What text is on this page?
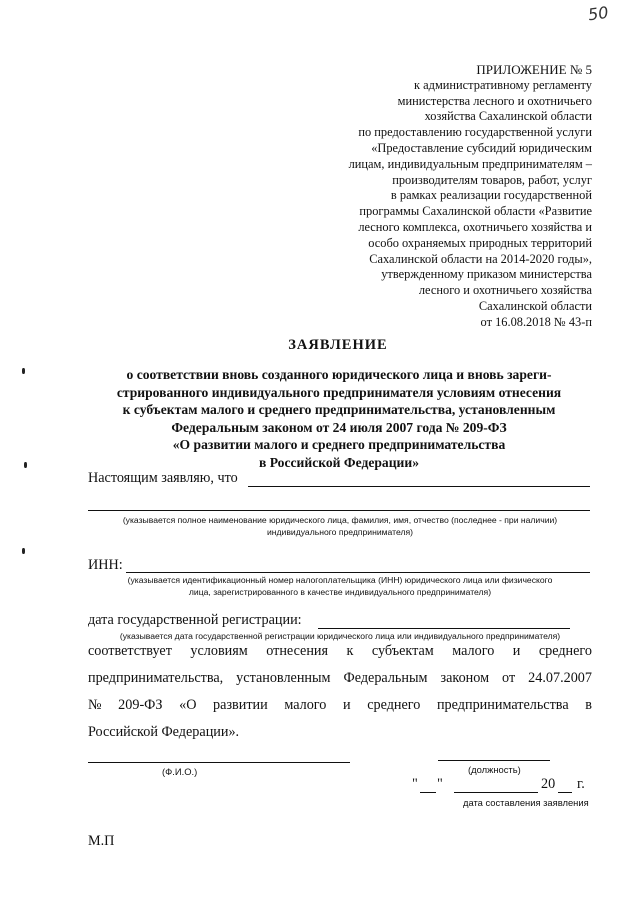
50
ПРИЛОЖЕНИЕ № 5
к административному регламенту
министерства лесного и охотничьего
хозяйства Сахалинской области
по предоставлению государственной услуги
«Предоставление субсидий юридическим
лицам, индивидуальным предпринимателям –
производителям товаров, работ, услуг
в рамках реализации государственной
программы Сахалинской области «Развитие
лесного комплекса, охотничьего хозяйства и
особо охраняемых природных территорий
Сахалинской области на 2014-2020 годы»,
утвержденному приказом министерства
лесного и охотничьего хозяйства
Сахалинской области
от 16.08.2018 № 43-п
ЗАЯВЛЕНИЕ
о соответствии вновь созданного юридического лица и вновь зареги-
стрированного индивидуального предпринимателя условиям отнесения
к субъектам малого и среднего предпринимательства, установленным
Федеральным законом от 24 июля 2007 года № 209-ФЗ
«О развитии малого и среднего предпринимательства
в Российской Федерации»
Настоящим заявляю, что
(указывается полное наименование юридического лица, фамилия, имя, отчество (последнее - при наличии)
индивидуального предпринимателя)
ИНН:
(указывается идентификационный номер налогоплательщика (ИНН) юридического лица или физического
лица, зарегистрированного в качестве индивидуального предпринимателя)
дата государственной регистрации:
(указывается дата государственной регистрации юридического лица или индивидуального предпринимателя)
соответствует условиям отнесения к субъектам малого и среднего
предпринимательства, установленным Федеральным законом от 24.07.2007
№ 209-ФЗ «О развитии малого и среднего предпринимательства в
Российской Федерации».
(Ф.И.О.)	(должность)
" "	20 г.
дата составления заявления
М.П
